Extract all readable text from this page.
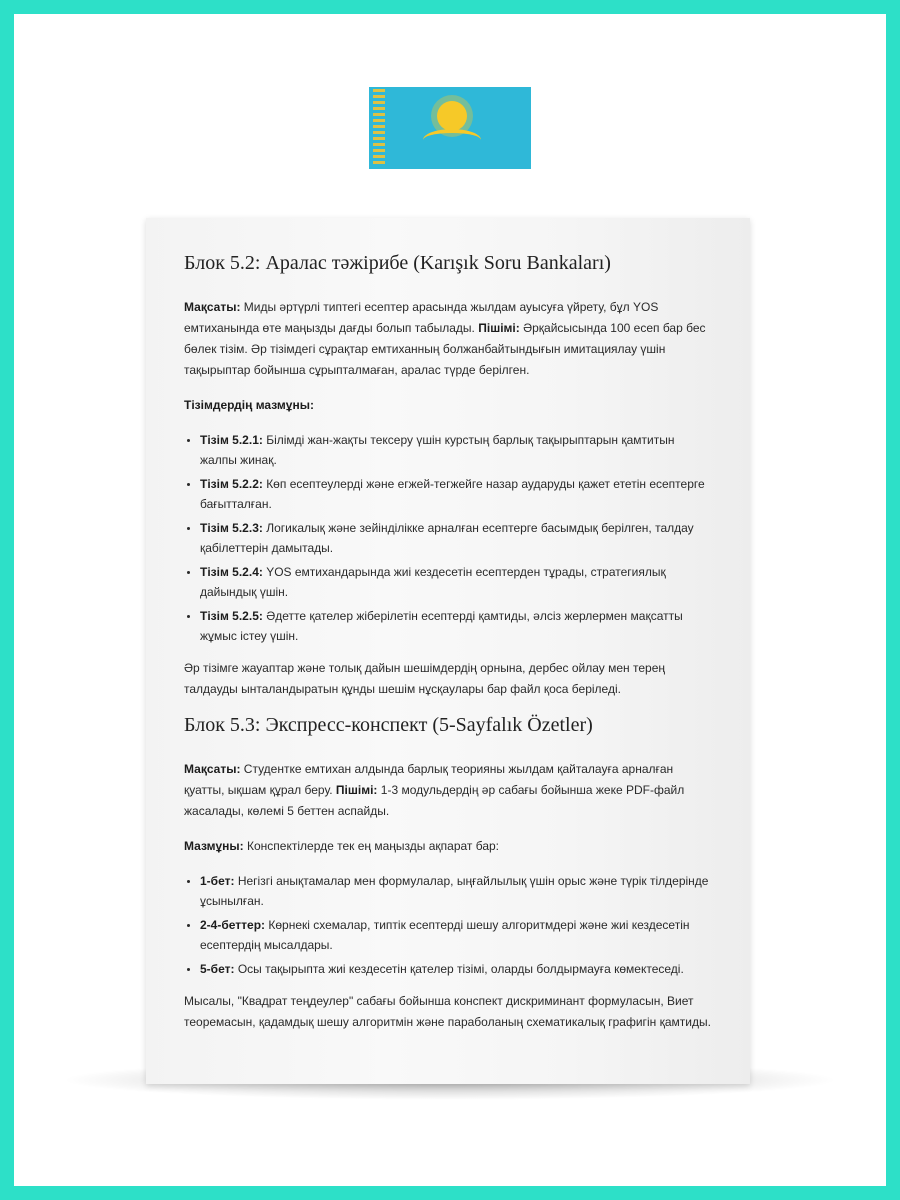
Блок 5.2: Аралас тәжірибе (Karışık Soru Bankaları)

Мақсаты: Миды әртүрлі типтегі есептер арасында жылдам ауысуға үйрету, бұл YOS емтиханында өте маңызды дағды болып табылады. Пішімі: Әрқайсысында 100 есеп бар бес бөлек тізім. Әр тізімдегі сұрақтар емтиханның болжанбайтындығын имитациялау үшін тақырыптар бойынша сұрыпталмаған, аралас түрде берілген.

Тізімдердің мазмұны:

• Тізім 5.2.1: Білімді жан-жақты тексеру үшін курстың барлық тақырыптарын қамтитын жалпы жинақ.
• Тізім 5.2.2: Көп есептеулерді және егжей-тегжейге назар аударуды қажет ететін есептерге бағытталған.
• Тізім 5.2.3: Логикалық және зейінділікке арналған есептерге басымдық берілген, талдау қабілеттерін дамытады.
• Тізім 5.2.4: YOS емтихандарында жиі кездесетін есептерден тұрады, стратегиялық дайындық үшін.
• Тізім 5.2.5: Әдетте қателер жіберілетін есептерді қамтиды, әлсіз жерлермен мақсатты жұмыс істеу үшін.

Әр тізімге жауаптар және толық дайын шешімдердің орнына, дербес ойлау мен терең талдауды ынталандыратын құнды шешім нұсқаулары бар файл қоса беріледі.

Блок 5.3: Экспресс-конспект (5-Sayfalık Özetler)

Мақсаты: Студентке емтихан алдында барлық теорияны жылдам қайталауға арналған қуатты, ықшам құрал беру. Пішімі: 1-3 модульдердің әр сабағы бойынша жеке PDF-файл жасалады, көлемі 5 беттен аспайды.

Мазмұны: Конспектілерде тек ең маңызды ақпарат бар:

• 1-бет: Негізгі анықтамалар мен формулалар, ыңғайлылық үшін орыс және түрік тілдерінде ұсынылған.
• 2-4-беттер: Көрнекі схемалар, типтік есептерді шешу алгоритмдері және жиі кездесетін есептердің мысалдары.
• 5-бет: Осы тақырыпта жиі кездесетін қателер тізімі, оларды болдырмауға көмектеседі.

Мысалы, "Квадрат теңдеулер" сабағы бойынша конспект дискриминант формуласын, Виет теоремасын, қадамдық шешу алгоритмін және параболаның схематикалық графигін қамтиды.
